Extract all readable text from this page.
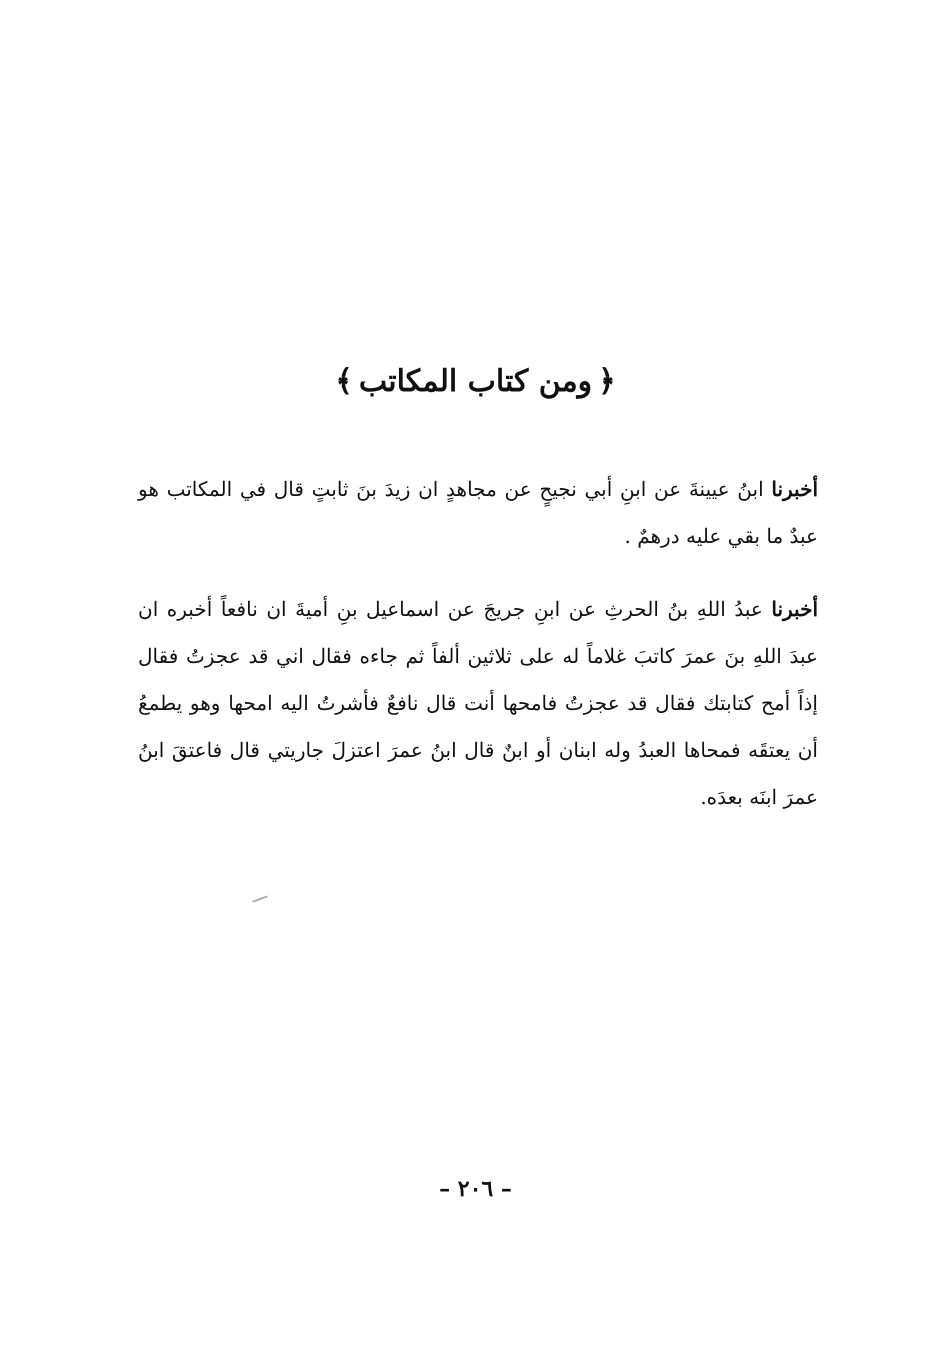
﴿ومن كتاب المكاتب﴾
أخبرنا ابنُ عيينةَ عن ابنِ أبي نجيحٍ عن مجاهدٍ ان زيدَ بنَ ثابتٍ قال في المكاتب هو عبدٌ ما بقي عليه درهمٌ .
أخبرنا عبدُ اللهِ بنُ الحرثِ عن ابنِ جريجَ عن اسماعيل بنِ أميةَ ان نافعاً أخبره ان عبدَ اللهِ بنَ عمرَ كاتبَ غلاماً له على ثلاثين ألفاً ثم جاءه فقال اني قد عجزتُ فقال إذاً أمح كتابتك فقال قد عجزتُ فامحها أنت قال نافعٌ فأشرتُ اليه امحها وهو يطمعُ أن يعتقَه فمحاها العبدُ وله ابنان أو ابنٌ قال ابنُ عمرَ اعتزلَ جاريتي قال فاعتقَ ابنُ عمرَ ابنَه بعدَه.
– ٢٠٦ –
